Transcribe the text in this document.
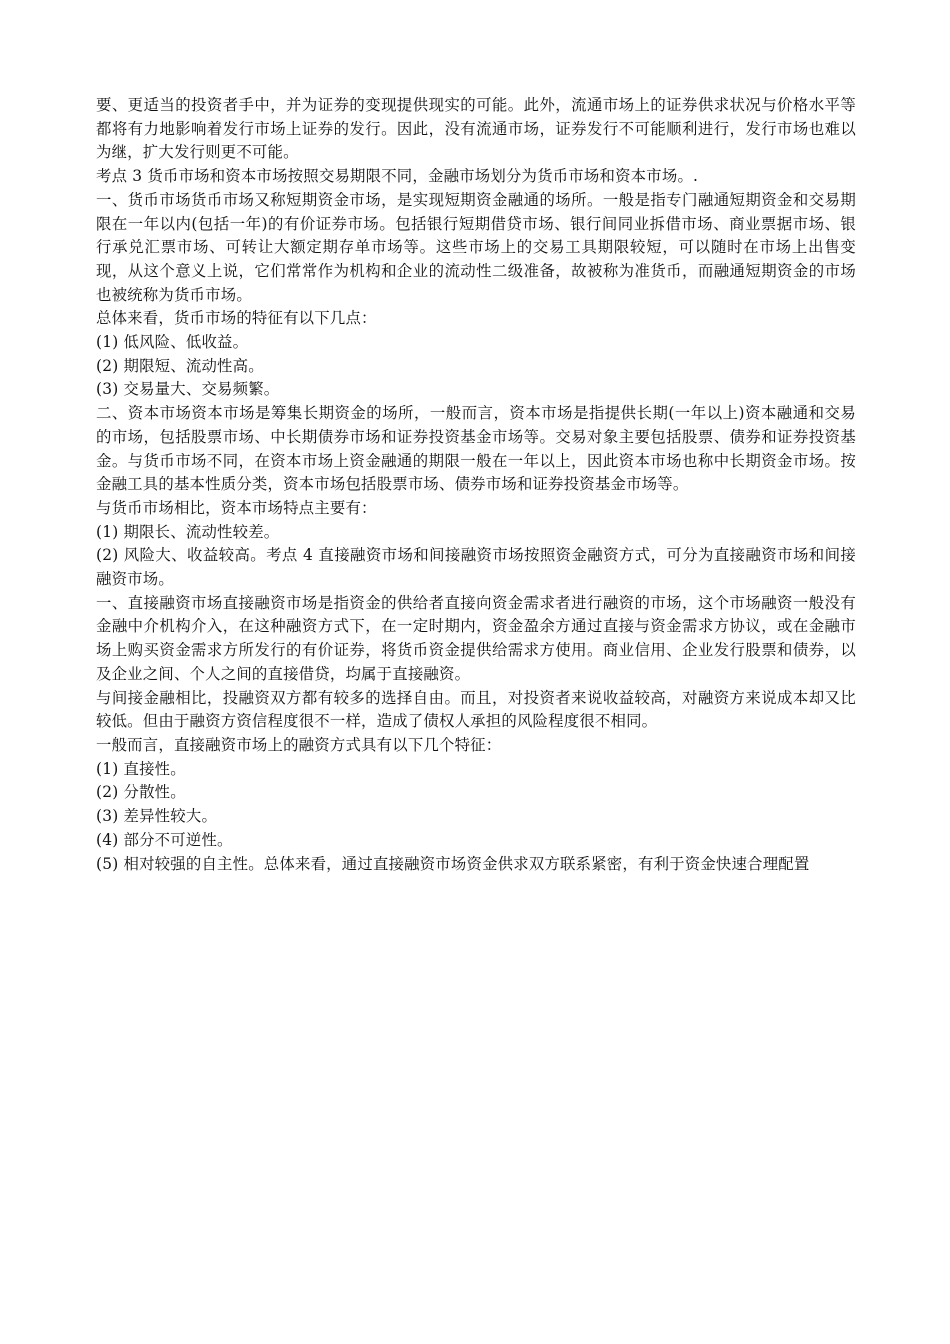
要、更适当的投资者手中，并为证券的变现提供现实的可能。此外，流通市场上的证券供求状况与价格水平等都将有力地影响着发行市场上证券的发行。因此，没有流通市场，证券发行不可能顺利进行，发行市场也难以为继，扩大发行则更不可能。

考点 3 货币市场和资本市场按照交易期限不同，金融市场划分为货币市场和资本市场。.

一、货币市场货币市场又称短期资金市场，是实现短期资金融通的场所。一般是指专门融通短期资金和交易期限在一年以内(包括一年)的有价证券市场。包括银行短期借贷市场、银行间同业拆借市场、商业票据市场、银行承兑汇票市场、可转让大额定期存单市场等。这些市场上的交易工具期限较短，可以随时在市场上出售变现，从这个意义上说，它们常常作为机构和企业的流动性二级准备，故被称为准货币，而融通短期资金的市场也被统称为货币市场。

总体来看，货币市场的特征有以下几点：

(1) 低风险、低收益。

(2) 期限短、流动性高。

(3) 交易量大、交易频繁。

二、资本市场资本市场是筹集长期资金的场所，一般而言，资本市场是指提供长期(一年以上)资本融通和交易的市场，包括股票市场、中长期债券市场和证券投资基金市场等。交易对象主要包括股票、债券和证券投资基金。与货币市场不同，在资本市场上资金融通的期限一般在一年以上，因此资本市场也称中长期资金市场。按金融工具的基本性质分类，资本市场包括股票市场、债券市场和证券投资基金市场等。

与货币市场相比，资本市场特点主要有：

(1) 期限长、流动性较差。

(2) 风险大、收益较高。考点 4 直接融资市场和间接融资市场按照资金融资方式，可分为直接融资市场和间接融资市场。

一、直接融资市场直接融资市场是指资金的供给者直接向资金需求者进行融资的市场，这个市场融资一般没有金融中介机构介入，在这种融资方式下，在一定时期内，资金盈余方通过直接与资金需求方协议，或在金融市场上购买资金需求方所发行的有价证券，将货币资金提供给需求方使用。商业信用、企业发行股票和债券，以及企业之间、个人之间的直接借贷，均属于直接融资。

与间接金融相比，投融资双方都有较多的选择自由。而且，对投资者来说收益较高，对融资方来说成本却又比较低。但由于融资方资信程度很不一样，造成了债权人承担的风险程度很不相同。

一般而言，直接融资市场上的融资方式具有以下几个特征：

(1) 直接性。

(2) 分散性。

(3) 差异性较大。

(4) 部分不可逆性。

(5) 相对较强的自主性。总体来看，通过直接融资市场资金供求双方联系紧密，有利于资金快速合理配置
